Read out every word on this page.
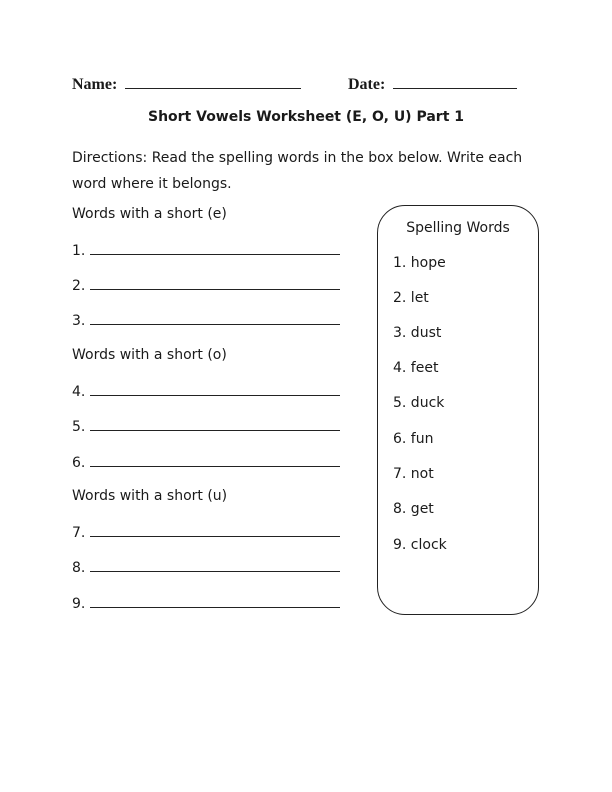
Name:	Date:
Short Vowels Worksheet (E, O, U) Part 1
Directions: Read the spelling words in the box below. Write each word where it belongs.
Words with a short (e)
1.
2.
3.
Words with a short (o)
4.
5.
6.
Words with a short (u)
7.
8.
9.
Spelling Words
1. hope
2. let
3. dust
4. feet
5. duck
6. fun
7. not
8. get
9. clock
